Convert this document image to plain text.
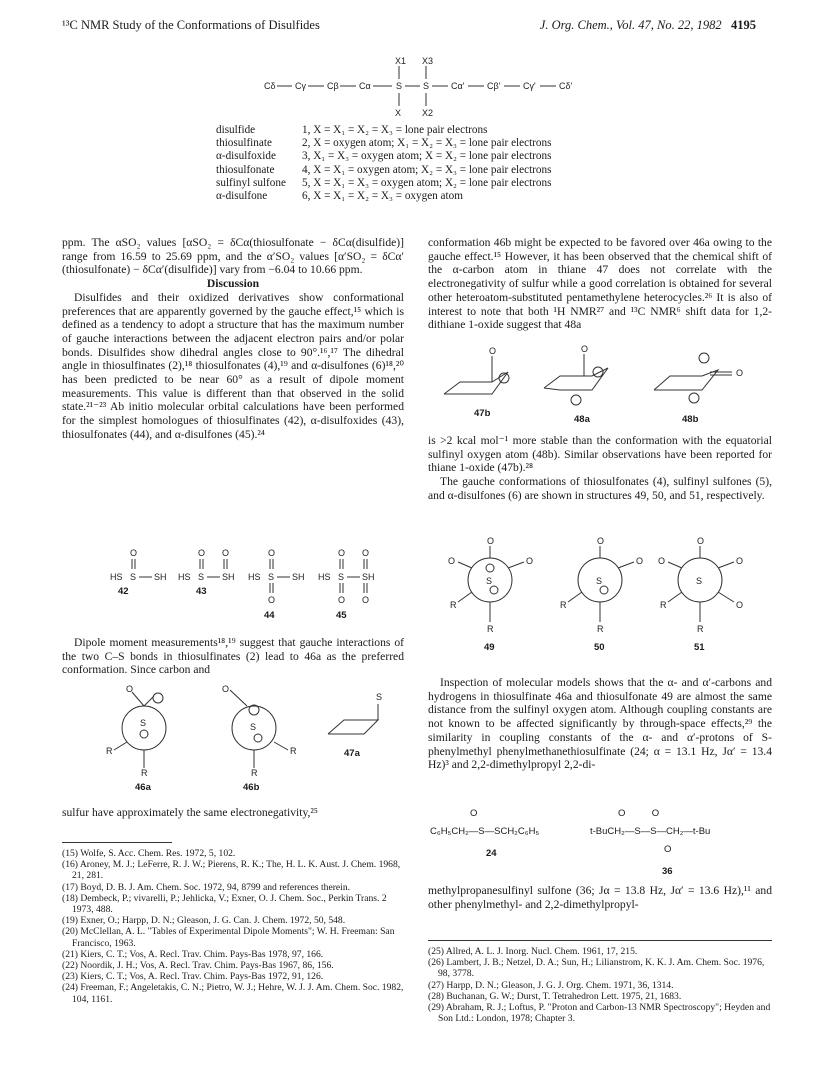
¹³C NMR Study of the Conformations of Disulfides	J. Org. Chem., Vol. 47, No. 22, 1982 4195
Cδ Cγ Cβ Cα	S S Cα'	Cβ'	Cγ'	Cδ'
X1 X3
X X2
disulfide	1, X = X₁ = X₂ = X₃ = lone pair electrons
thiosulfinate	2, X = oxygen atom; X₁ = X₂ = X₃ = lone pair electrons
α-disulfoxide	3, X₁ = X₃ = oxygen atom; X = X₂ = lone pair electrons
thiosulfonate	4, X = X₁ = oxygen atom; X₂ = X₃ = lone pair electrons
sulfinyl sulfone	5, X = X₁ = X₃ = oxygen atom; X₂ = lone pair electrons
α-disulfone	6, X = X₁ = X₂ = X₃ = oxygen atom

ppm. The αSO₂ values [αSO₂ = δCα(thiosulfonate − δCα(disulfide)] range from 16.59 to 25.69 ppm, and the α′SO₂ values [α′SO₂ = δCα′(thiosulfonate) − δCα′(disulfide)] vary from −6.04 to 10.66 ppm.

Discussion

Disulfides and their oxidized derivatives show conformational preferences that are apparently governed by the gauche effect,¹⁵ which is defined as a tendency to adopt a structure that has the maximum number of gauche interactions between the adjacent electron pairs and/or polar bonds. Disulfides show dihedral angles close to 90°.¹⁶,¹⁷ The dihedral angle in thiosulfinates (2),¹⁸ thiosulfonates (4),¹⁹ and α-disulfones (6)¹⁸,²⁰ has been predicted to be near 60° as a result of dipole moment measurements. This value is different than that observed in the solid state.²¹⁻²³ Ab initio molecular orbital calculations have been performed for the simplest homologues of thiosulfinates (42), α-disulfoxides (43), thiosulfonates (44), and α-disulfones (45).²⁴

O
HS S SH
O O
HS S SH
O
O
HS S SH
O O
O O
HS S SH
42	43
44	45

Dipole moment measurements¹⁸,¹⁹ suggest that gauche interactions of the two C–S bonds in thiosulfinates (2) lead to 46a as the preferred conformation. Since carbon and

O
R
R
S
O
R
R
S
S
46a	46b
47a

sulfur have approximately the same electronegativity,²⁵

conformation 46b might be expected to be favored over 46a owing to the gauche effect.¹⁵ However, it has been observed that the chemical shift of the α-carbon atom in thiane 47 does not correlate with the electronegativity of sulfur while a good correlation is obtained for several other heteroatom-substituted pentamethylene heterocycles.²⁶ It is also of interest to note that both ¹H NMR²⁷ and ¹³C NMR⁶ shift data for 1,2-dithiane 1-oxide suggest that 48a

O	O
O
47b
48a	48b

is >2 kcal mol⁻¹ more stable than the conformation with the equatorial sulfinyl oxygen atom (48b). Similar observations have been reported for thiane 1-oxide (47b).²⁸

The gauche conformations of thiosulfonates (4), sulfinyl sulfones (5), and α-disulfones (6) are shown in structures 49, 50, and 51, respectively.

O
O	O
R
R
S
O
O
R
R
S
O
O	O
R	O
R
S
49	50	51

Inspection of molecular models shows that the α- and α′-carbons and hydrogens in thiosulfinate 46a and thiosulfonate 49 are almost the same distance from the sulfinyl oxygen atom. Although coupling constants are not known to be affected significantly by through-space effects,²⁹ the similarity in coupling constants of the α- and α′-protons of S-phenylmethyl phenylmethanethiosulfinate (24; α = 13.1 Hz, Jα′ = 13.4 Hz)³ and 2,2-dimethylpropyl 2,2-di-

O
C₆H₅CH₂—S—SCH₂C₆H₅
O          O
t-BuCH₂—S—S—CH₂—t-Bu
O
24
36

methylpropanesulfinyl sulfone (36; Jα = 13.8 Hz, Jα′ = 13.6 Hz),¹¹ and other phenylmethyl- and 2,2-dimethylpropyl-

(15) Wolfe, S. Acc. Chem. Res. 1972, 5, 102.
(16) Aroney, M. J.; LeFerre, R. J. W.; Pierens, R. K.; The, H. L. K. Aust. J. Chem. 1968, 21, 281.
(17) Boyd, D. B. J. Am. Chem. Soc. 1972, 94, 8799 and references therein.
(18) Dembeck, P.; vivarelli, P.; Jehlicka, V.; Exner, O. J. Chem. Soc., Perkin Trans. 2 1973, 488.
(19) Exner, O.; Harpp, D. N.; Gleason, J. G. Can. J. Chem. 1972, 50, 548.
(20) McClellan, A. L. "Tables of Experimental Dipole Moments"; W. H. Freeman: San Francisco, 1963.
(21) Kiers, C. T.; Vos, A. Recl. Trav. Chim. Pays-Bas 1978, 97, 166.
(22) Noordik, J. H.; Vos, A. Recl. Trav. Chim. Pays-Bas 1967, 86, 156.
(23) Kiers, C. T.; Vos, A. Recl. Trav. Chim. Pays-Bas 1972, 91, 126.
(24) Freeman, F.; Angeletakis, C. N.; Pietro, W. J.; Hehre, W. J. J. Am. Chem. Soc. 1982, 104, 1161.
(25) Allred, A. L. J. Inorg. Nucl. Chem. 1961, 17, 215.
(26) Lambert, J. B.; Netzel, D. A.; Sun, H.; Lilianstrom, K. K. J. Am. Chem. Soc. 1976, 98, 3778.
(27) Harpp, D. N.; Gleason, J. G. J. Org. Chem. 1971, 36, 1314.
(28) Buchanan, G. W.; Durst, T. Tetrahedron Lett. 1975, 21, 1683.
(29) Abraham, R. J.; Loftus, P. "Proton and Carbon-13 NMR Spectroscopy"; Heyden and Son Ltd.: London, 1978; Chapter 3.
